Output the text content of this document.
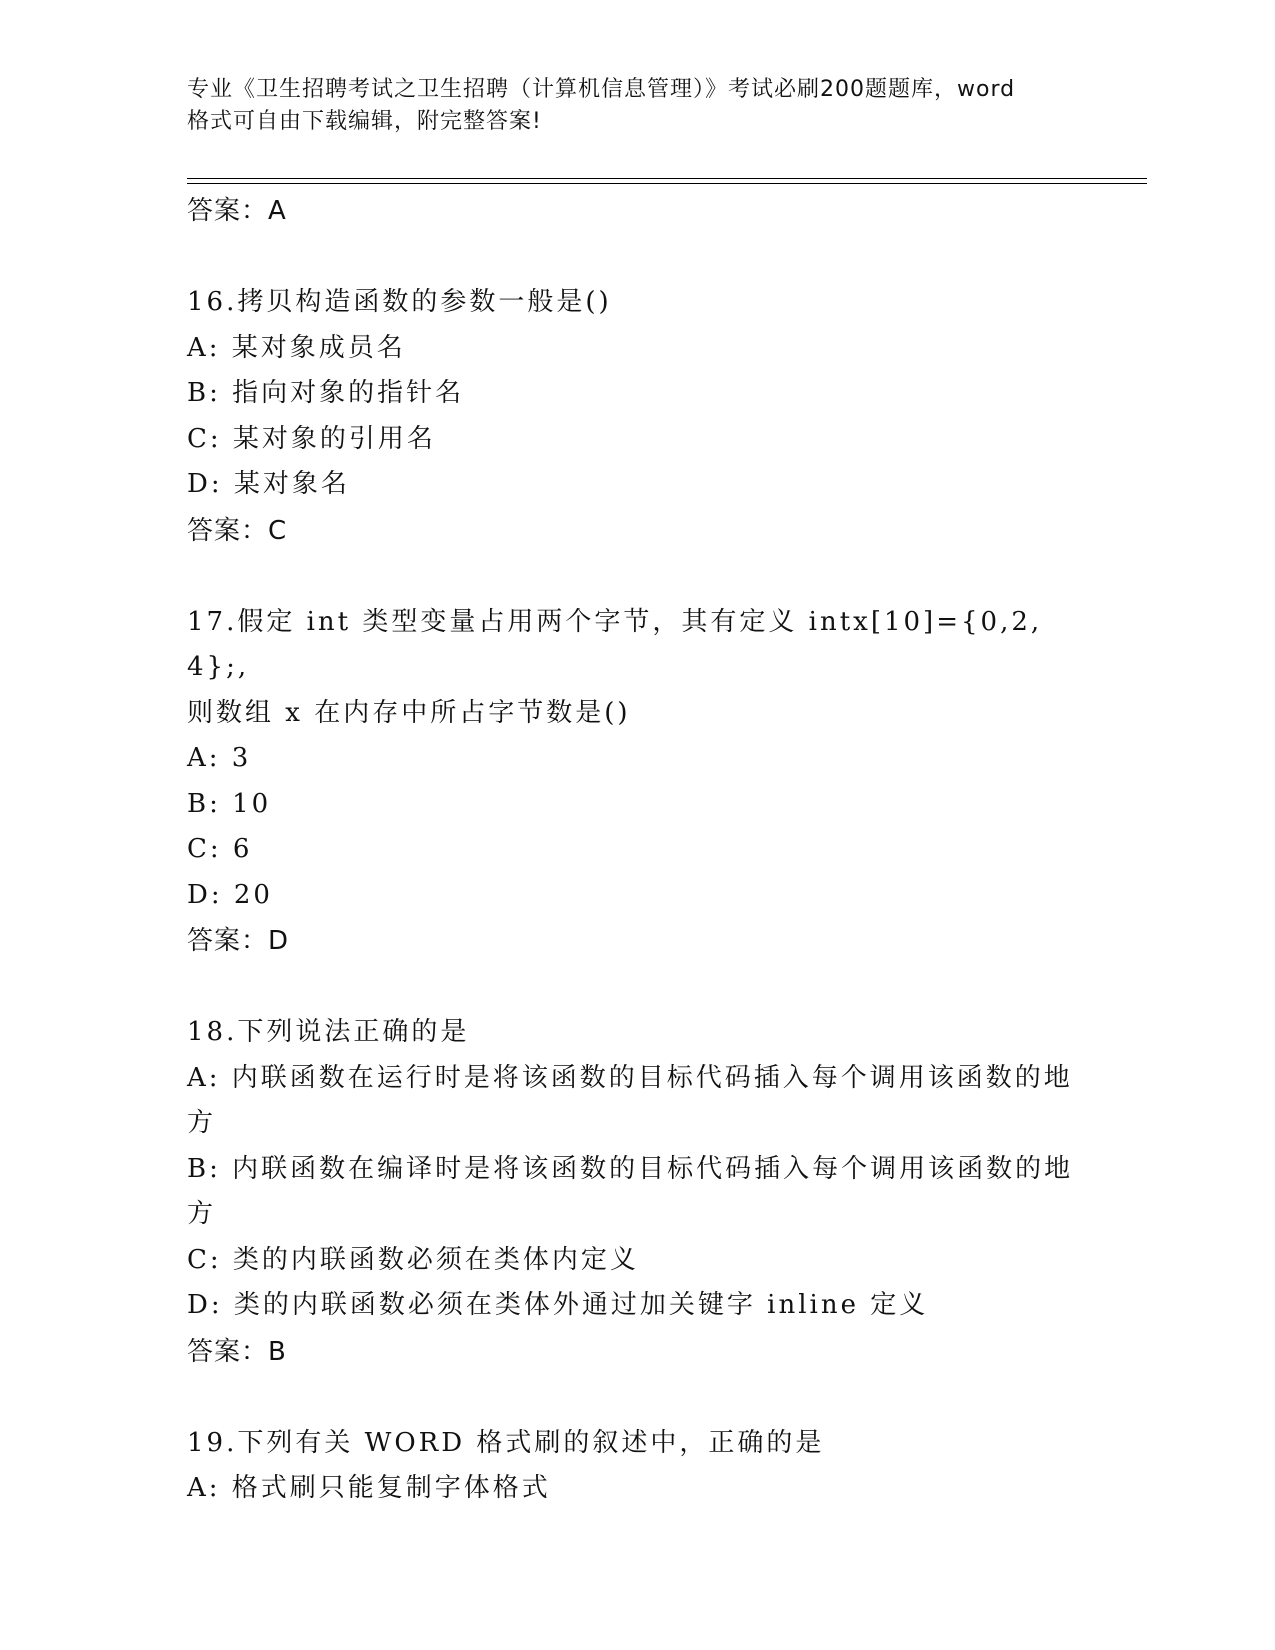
专业《卫生招聘考试之卫生招聘（计算机信息管理）》考试必刷200题题库，word
格式可自由下载编辑，附完整答案!
答案：A
16.拷贝构造函数的参数一般是()
A: 某对象成员名
B: 指向对象的指针名
C: 某对象的引用名
D: 某对象名
答案：C
17.假定 int 类型变量占用两个字节，其有定义 intx[10]={0,2,4};,
则数组 x 在内存中所占字节数是()
A: 3
B: 10
C: 6
D: 20
答案：D
18.下列说法正确的是
A: 内联函数在运行时是将该函数的目标代码插入每个调用该函数的地
方
B: 内联函数在编译时是将该函数的目标代码插入每个调用该函数的地
方
C: 类的内联函数必须在类体内定义
D: 类的内联函数必须在类体外通过加关键字 inline 定义
答案：B
19.下列有关 WORD 格式刷的叙述中，正确的是
A: 格式刷只能复制字体格式
